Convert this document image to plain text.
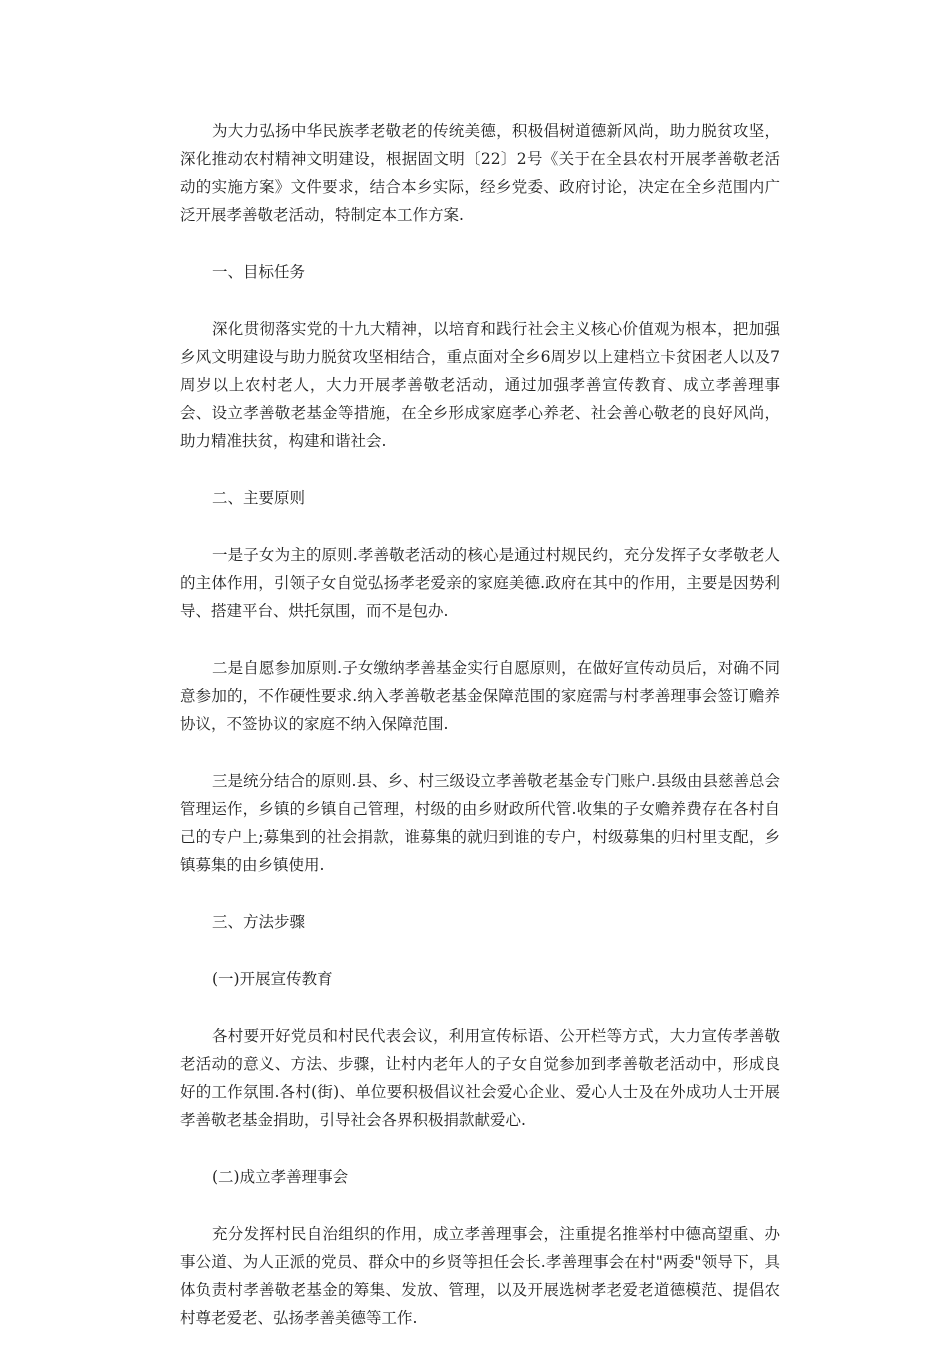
为大力弘扬中华民族孝老敬老的传统美德，积极倡树道德新风尚，助力脱贫攻坚，深化推动农村精神文明建设，根据固文明〔22〕2号《关于在全县农村开展孝善敬老活动的实施方案》文件要求，结合本乡实际，经乡党委、政府讨论，决定在全乡范围内广泛开展孝善敬老活动，特制定本工作方案.

一、目标任务

深化贯彻落实党的十九大精神，以培育和践行社会主义核心价值观为根本，把加强乡风文明建设与助力脱贫攻坚相结合，重点面对全乡6周岁以上建档立卡贫困老人以及7周岁以上农村老人，大力开展孝善敬老活动，通过加强孝善宣传教育、成立孝善理事会、设立孝善敬老基金等措施，在全乡形成家庭孝心养老、社会善心敬老的良好风尚，助力精准扶贫，构建和谐社会.

二、主要原则

一是子女为主的原则.孝善敬老活动的核心是通过村规民约，充分发挥子女孝敬老人的主体作用，引领子女自觉弘扬孝老爱亲的家庭美德.政府在其中的作用，主要是因势利导、搭建平台、烘托氛围，而不是包办.

二是自愿参加原则.子女缴纳孝善基金实行自愿原则，在做好宣传动员后，对确不同意参加的，不作硬性要求.纳入孝善敬老基金保障范围的家庭需与村孝善理事会签订赡养协议，不签协议的家庭不纳入保障范围.

三是统分结合的原则.县、乡、村三级设立孝善敬老基金专门账户.县级由县慈善总会管理运作，乡镇的乡镇自己管理，村级的由乡财政所代管.收集的子女赡养费存在各村自己的专户上;募集到的社会捐款，谁募集的就归到谁的专户，村级募集的归村里支配，乡镇募集的由乡镇使用.

三、方法步骤

(一)开展宣传教育

各村要开好党员和村民代表会议，利用宣传标语、公开栏等方式，大力宣传孝善敬老活动的意义、方法、步骤，让村内老年人的子女自觉参加到孝善敬老活动中，形成良好的工作氛围.各村(街)、单位要积极倡议社会爱心企业、爱心人士及在外成功人士开展孝善敬老基金捐助，引导社会各界积极捐款献爱心.

(二)成立孝善理事会

充分发挥村民自治组织的作用，成立孝善理事会，注重提名推举村中德高望重、办事公道、为人正派的党员、群众中的乡贤等担任会长.孝善理事会在村"两委"领导下，具体负责村孝善敬老基金的筹集、发放、管理，以及开展选树孝老爱老道德模范、提倡农村尊老爱老、弘扬孝善美德等工作.
